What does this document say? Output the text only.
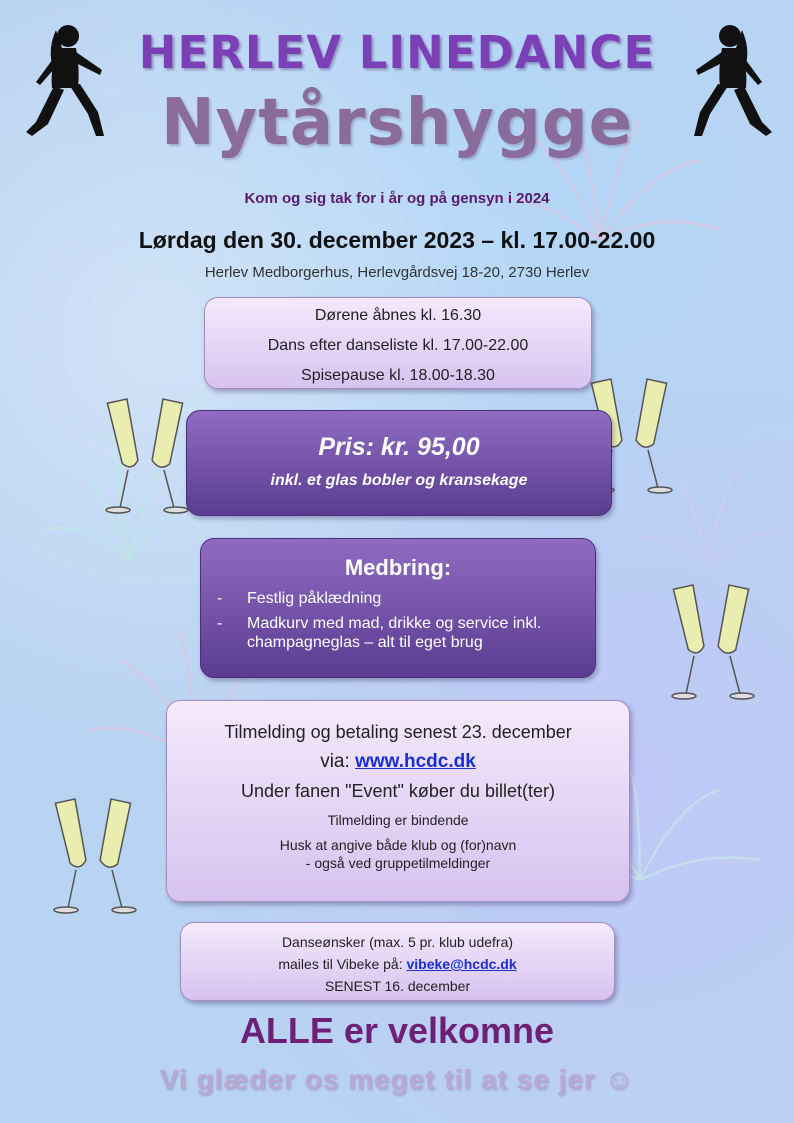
HERLEV LINEDANCE
Nytårshygge
Kom og sig tak for i år og på gensyn i 2024
Lørdag den 30. december 2023 – kl. 17.00-22.00
Herlev Medborgerhus, Herlevgårdsvej 18-20, 2730 Herlev
Dørene åbnes kl. 16.30
Dans efter danseliste kl. 17.00-22.00
Spisepause kl. 18.00-18.30
Pris: kr. 95,00
inkl. et glas bobler og kransekage
Medbring:
- Festlig påklædning
- Madkurv med mad, drikke og service inkl. champagneglas – alt til eget brug
Tilmelding og betaling senest 23. december
via: www.hcdc.dk
Under fanen "Event" køber du billet(ter)
Tilmelding er bindende
Husk at angive både klub og (for)navn
- også ved gruppetilmeldinger
Danseønsker (max. 5 pr. klub udefra)
mailes til Vibeke på: vibeke@hcdc.dk
SENEST 16. december
ALLE er velkomne
Vi glæder os meget til at se jer ☺
